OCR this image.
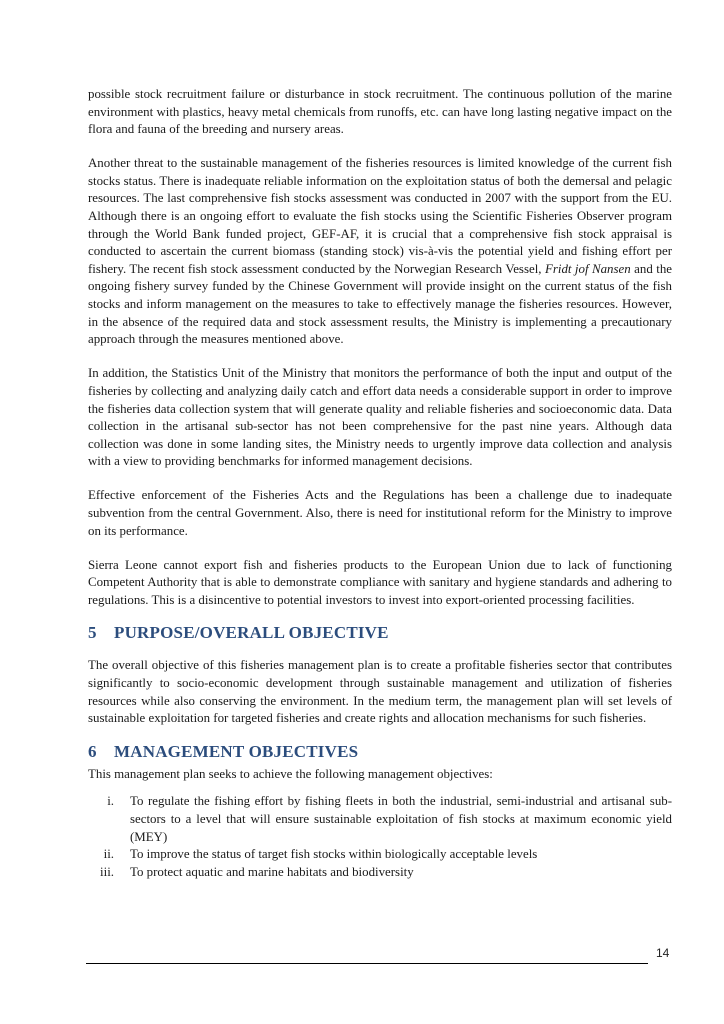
possible stock recruitment failure or disturbance in stock recruitment. The continuous pollution of the marine environment with plastics, heavy metal chemicals from runoffs, etc. can have long lasting negative impact on the flora and fauna of the breeding and nursery areas.

Another threat to the sustainable management of the fisheries resources is limited knowledge of the current fish stocks status. There is inadequate reliable information on the exploitation status of both the demersal and pelagic resources. The last comprehensive fish stocks assessment was conducted in 2007 with the support from the EU. Although there is an ongoing effort to evaluate the fish stocks using the Scientific Fisheries Observer program through the World Bank funded project, GEF-AF, it is crucial that a comprehensive fish stock appraisal is conducted to ascertain the current biomass (standing stock) vis-à-vis the potential yield and fishing effort per fishery. The recent fish stock assessment conducted by the Norwegian Research Vessel, Fridt jof Nansen and the ongoing fishery survey funded by the Chinese Government will provide insight on the current status of the fish stocks and inform management on the measures to take to effectively manage the fisheries resources. However, in the absence of the required data and stock assessment results, the Ministry is implementing a precautionary approach through the measures mentioned above.

In addition, the Statistics Unit of the Ministry that monitors the performance of both the input and output of the fisheries by collecting and analyzing daily catch and effort data needs a considerable support in order to improve the fisheries data collection system that will generate quality and reliable fisheries and socioeconomic data. Data collection in the artisanal sub-sector has not been comprehensive for the past nine years. Although data collection was done in some landing sites, the Ministry needs to urgently improve data collection and analysis with a view to providing benchmarks for informed management decisions.

Effective enforcement of the Fisheries Acts and the Regulations has been a challenge due to inadequate subvention from the central Government. Also, there is need for institutional reform for the Ministry to improve on its performance.

Sierra Leone cannot export fish and fisheries products to the European Union due to lack of functioning Competent Authority that is able to demonstrate compliance with sanitary and hygiene standards and adhering to regulations. This is a disincentive to potential investors to invest into export-oriented processing facilities.

5 PURPOSE/OVERALL OBJECTIVE

The overall objective of this fisheries management plan is to create a profitable fisheries sector that contributes significantly to socio-economic development through sustainable management and utilization of fisheries resources while also conserving the environment. In the medium term, the management plan will set levels of sustainable exploitation for targeted fisheries and create rights and allocation mechanisms for such fisheries.

6 MANAGEMENT OBJECTIVES

This management plan seeks to achieve the following management objectives:

i. To regulate the fishing effort by fishing fleets in both the industrial, semi-industrial and artisanal sub-sectors to a level that will ensure sustainable exploitation of fish stocks at maximum economic yield (MEY)
ii. To improve the status of target fish stocks within biologically acceptable levels
iii. To protect aquatic and marine habitats and biodiversity
14
